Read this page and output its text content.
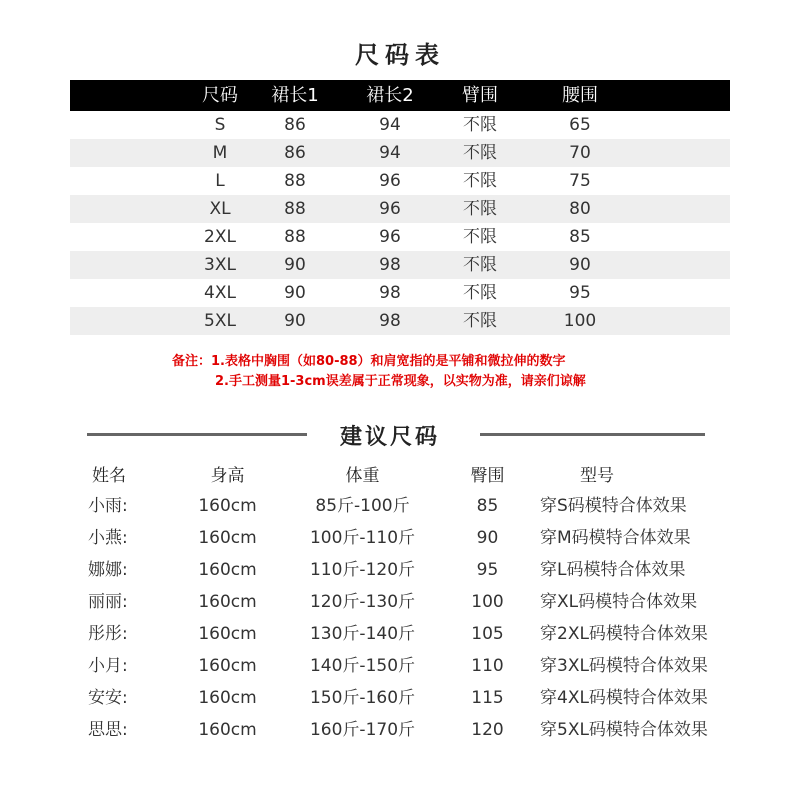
尺码表
尺码	裙长1	裙长2	臂围	腰围
S	86	94	不限	65
M	86	94	不限	70
L	88	96	不限	75
XL	88	96	不限	80
2XL	88	96	不限	85
3XL	90	98	不限	90
4XL	90	98	不限	95
5XL	90	98	不限	100
备注：1.表格中胸围（如80-88）和肩宽指的是平铺和微拉伸的数字
2.手工测量1-3cm误差属于正常现象，以实物为准，请亲们谅解
建议尺码
姓名	身高	体重	臀围	型号
小雨:	160cm	85斤-100斤	85	穿S码模特合体效果
小燕:	160cm	100斤-110斤	90	穿M码模特合体效果
娜娜:	160cm	110斤-120斤	95	穿L码模特合体效果
丽丽:	160cm	120斤-130斤	100	穿XL码模特合体效果
彤彤:	160cm	130斤-140斤	105	穿2XL码模特合体效果
小月:	160cm	140斤-150斤	110	穿3XL码模特合体效果
安安:	160cm	150斤-160斤	115	穿4XL码模特合体效果
思思:	160cm	160斤-170斤	120	穿5XL码模特合体效果
